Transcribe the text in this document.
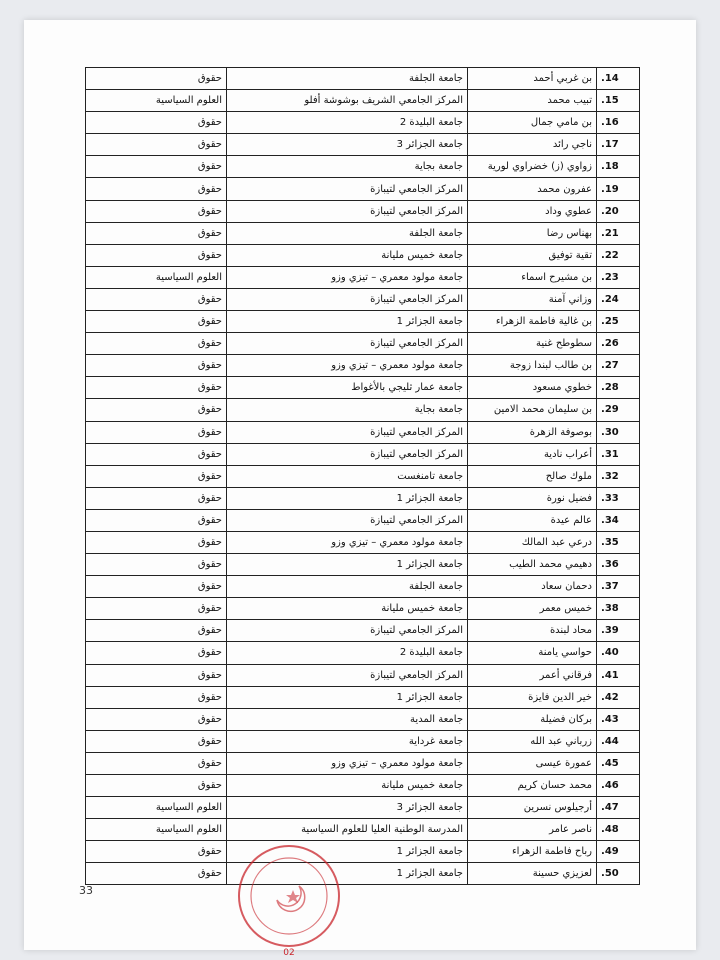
حقوق	جامعة الجلفة	بن غربي أحمد	14.
العلوم السياسية	المركز الجامعي الشريف بوشوشة أفلو	تبيب محمد	15.
حقوق	جامعة البليدة 2	بن مامي جمال	16.
حقوق	جامعة الجزائر 3	ناجي رائد	17.
حقوق	جامعة بجاية	زواوي (ز) خضراوي لورية	18.
حقوق	المركز الجامعي لتيبازة	عفرون محمد	19.
حقوق	المركز الجامعي لتيبازة	عطوي وداد	20.
حقوق	جامعة الجلفة	بهناس رضا	21.
حقوق	جامعة خميس مليانة	تقية توفيق	22.
العلوم السياسية	جامعة مولود معمري – تيزي وزو	بن مشيرح اسماء	23.
حقوق	المركز الجامعي لتيبازة	وزاني آمنة	24.
حقوق	جامعة الجزائر 1	بن غالية فاطمة الزهراء	25.
حقوق	المركز الجامعي لتيبازة	سطوطح غنية	26.
حقوق	جامعة مولود معمري – تيزي وزو	بن طالب لبندا زوجة	27.
حقوق	جامعة عمار ثليجي بالأغواط	خطوي مسعود	28.
حقوق	جامعة بجاية	بن سليمان محمد الامين	29.
حقوق	المركز الجامعي لتيبازة	بوصوفة الزهرة	30.
حقوق	المركز الجامعي لتيبازة	أعراب نادية	31.
حقوق	جامعة تامنغست	ملوك صالح	32.
حقوق	جامعة الجزائر 1	فضيل نورة	33.
حقوق	المركز الجامعي لتيبازة	عالم عيدة	34.
حقوق	جامعة مولود معمري – تيزي وزو	درعي عبد المالك	35.
حقوق	جامعة الجزائر 1	دهيمي محمد الطيب	36.
حقوق	جامعة الجلفة	دحمان سعاد	37.
حقوق	جامعة خميس مليانة	خميس معمر	38.
حقوق	المركز الجامعي لتيبازة	محاد لبندة	39.
حقوق	جامعة البليدة 2	حواسي يامنة	40.
حقوق	المركز الجامعي لتيبازة	فرقاني أعمر	41.
حقوق	جامعة الجزائر 1	خير الدين فايزة	42.
حقوق	جامعة المدية	بركان فضيلة	43.
حقوق	جامعة غرداية	زرباني عبد الله	44.
حقوق	جامعة مولود معمري – تيزي وزو	عمورة عيسى	45.
حقوق	جامعة خميس مليانة	محمد حسان كريم	46.
العلوم السياسية	جامعة الجزائر 3	أرجيلوس نسرين	47.
العلوم السياسية	المدرسة الوطنية العليا للعلوم السياسية	ناصر عامر	48.
حقوق	جامعة الجزائر 1	رباح فاطمة الزهراء	49.
حقوق	جامعة الجزائر 1	لعزيزي حسينة	50.
33
02
